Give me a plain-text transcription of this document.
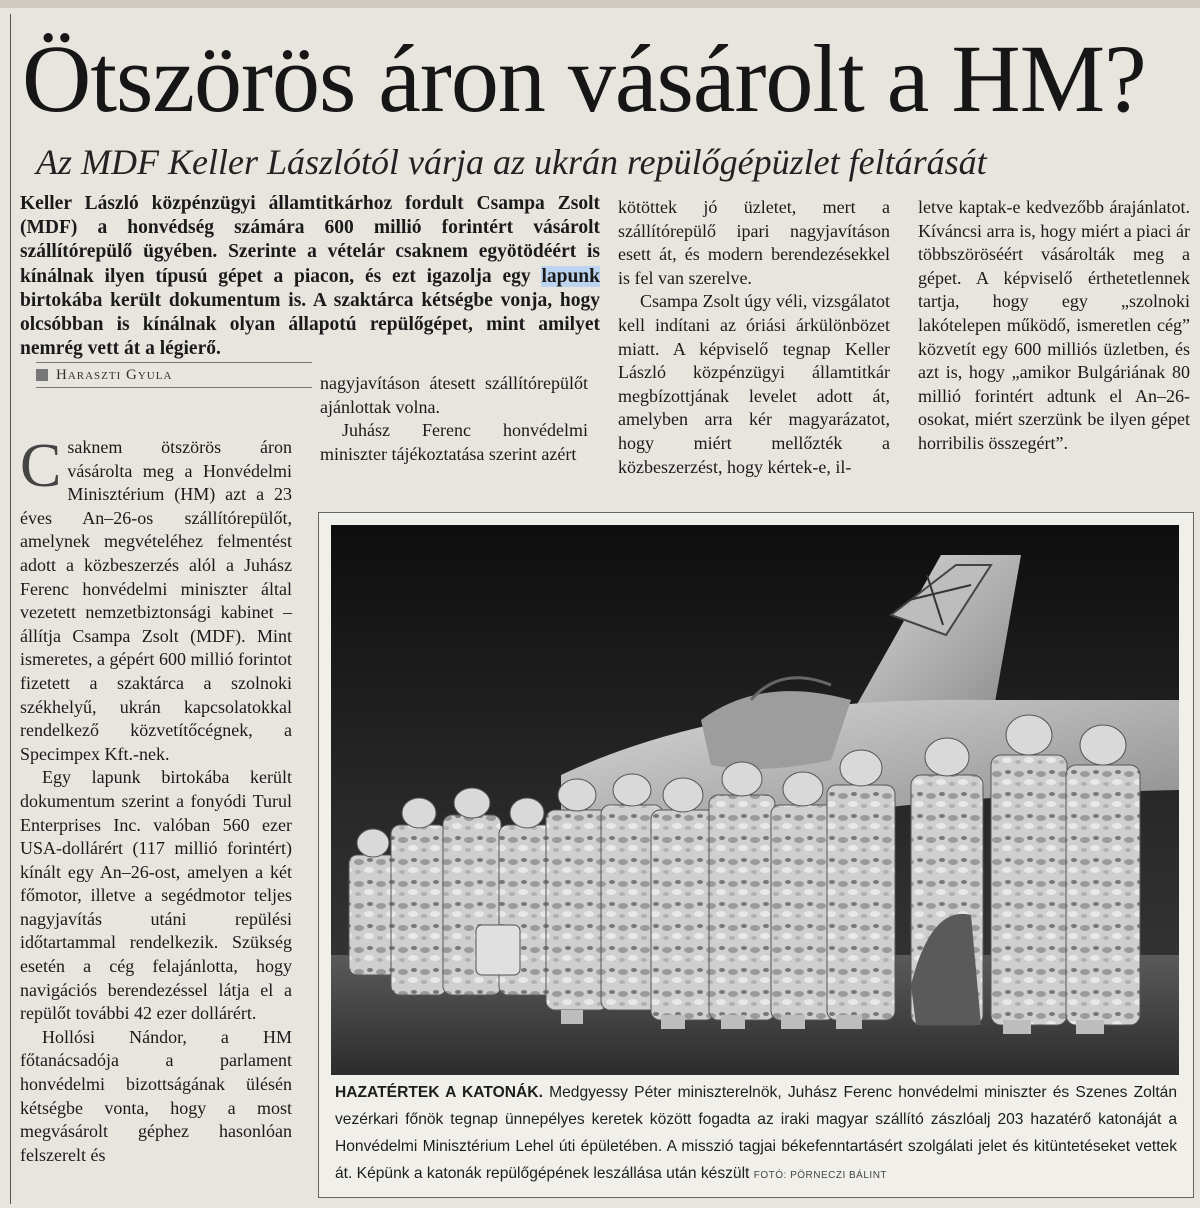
Ötszörös áron vásárolt a HM?
Az MDF Keller Lászlótól várja az ukrán repülőgépüzlet feltárását
Keller László közpénzügyi államtitkárhoz fordult Csampa Zsolt (MDF) a honvédség számára 600 millió forintért vásárolt szállítórepülő ügyében. Szerinte a vételár csaknem egyötödéért is kínálnak ilyen típusú gépet a piacon, és ezt igazolja egy lapunk birtokába került dokumentum is. A szaktárca kétségbe vonja, hogy olcsóbban is kínálnak olyan állapotú repülőgépet, mint amilyet nemrég vett át a légierő.
Haraszti Gyula

Csaknem ötszörös áron vásárolta meg a Honvédelmi Minisztérium (HM) azt a 23 éves An–26-os szállítórepülőt, amelynek megvételéhez felmentést adott a közbeszerzés alól a Juhász Ferenc honvédelmi miniszter által vezetett nemzetbiztonsági kabinet – állítja Csampa Zsolt (MDF). Mint ismeretes, a gépért 600 millió forintot fizetett a szaktárca a szolnoki székhelyű, ukrán kapcsolatokkal rendelkező közvetítőcégnek, a Specimpex Kft.-nek.

Egy lapunk birtokába került dokumentum szerint a fonyódi Turul Enterprises Inc. valóban 560 ezer USA-dollárért (117 millió forintért) kínált egy An–26-ost, amelyen a két főmotor, illetve a segédmotor teljes nagyjavítás utáni repülési időtartammal rendelkezik. Szükség esetén a cég felajánlotta, hogy navigációs berendezéssel látja el a repülőt további 42 ezer dollárért.

Hollósi Nándor, a HM főtanácsadója a parlament honvédelmi bizottságának ülésén kétségbe vonta, hogy a most megvásárolt géphez hasonlóan felszerelt és

nagyjavításon átesett szállítórepülőt ajánlottak volna.

Juhász Ferenc honvédelmi miniszter tájékoztatása szerint azért

kötöttek jó üzletet, mert a szállítórepülő ipari nagyjavításon esett át, és modern berendezésekkel is fel van szerelve.

Csampa Zsolt úgy véli, vizsgálatot kell indítani az óriási árkülönbözet miatt. A képviselő tegnap Keller László közpénzügyi államtitkár megbízottjának levelet adott át, amelyben arra kér magyarázatot, hogy miért mellőzték a közbeszerzést, hogy kértek-e, il-

letve kaptak-e kedvezőbb árajánlatot. Kíváncsi arra is, hogy miért a piaci ár többszöröséért vásárolták meg a gépet. A képviselő érthetetlennek tartja, hogy egy „szolnoki lakótelepen működő, ismeretlen cég” közvetít egy 600 milliós üzletben, és azt is, hogy „amikor Bulgáriának 80 millió forintért adtunk el An–26-osokat, miért szerzünk be ilyen gépet horribilis összegért”.

HAZATÉRTEK A KATONÁK. Medgyessy Péter miniszterelnök, Juhász Ferenc honvédelmi miniszter és Szenes Zoltán vezérkari főnök tegnap ünnepélyes keretek között fogadta az iraki magyar szállító zászlóalj 203 hazatérő katonáját a Honvédelmi Minisztérium Lehel úti épületében. A misszió tagjai békefenntartásért szolgálati jelet és kitüntetéseket vettek át. Képünk a katonák repülőgépének leszállása után készült FOTÓ: PÖRNECZI BÁLINT
